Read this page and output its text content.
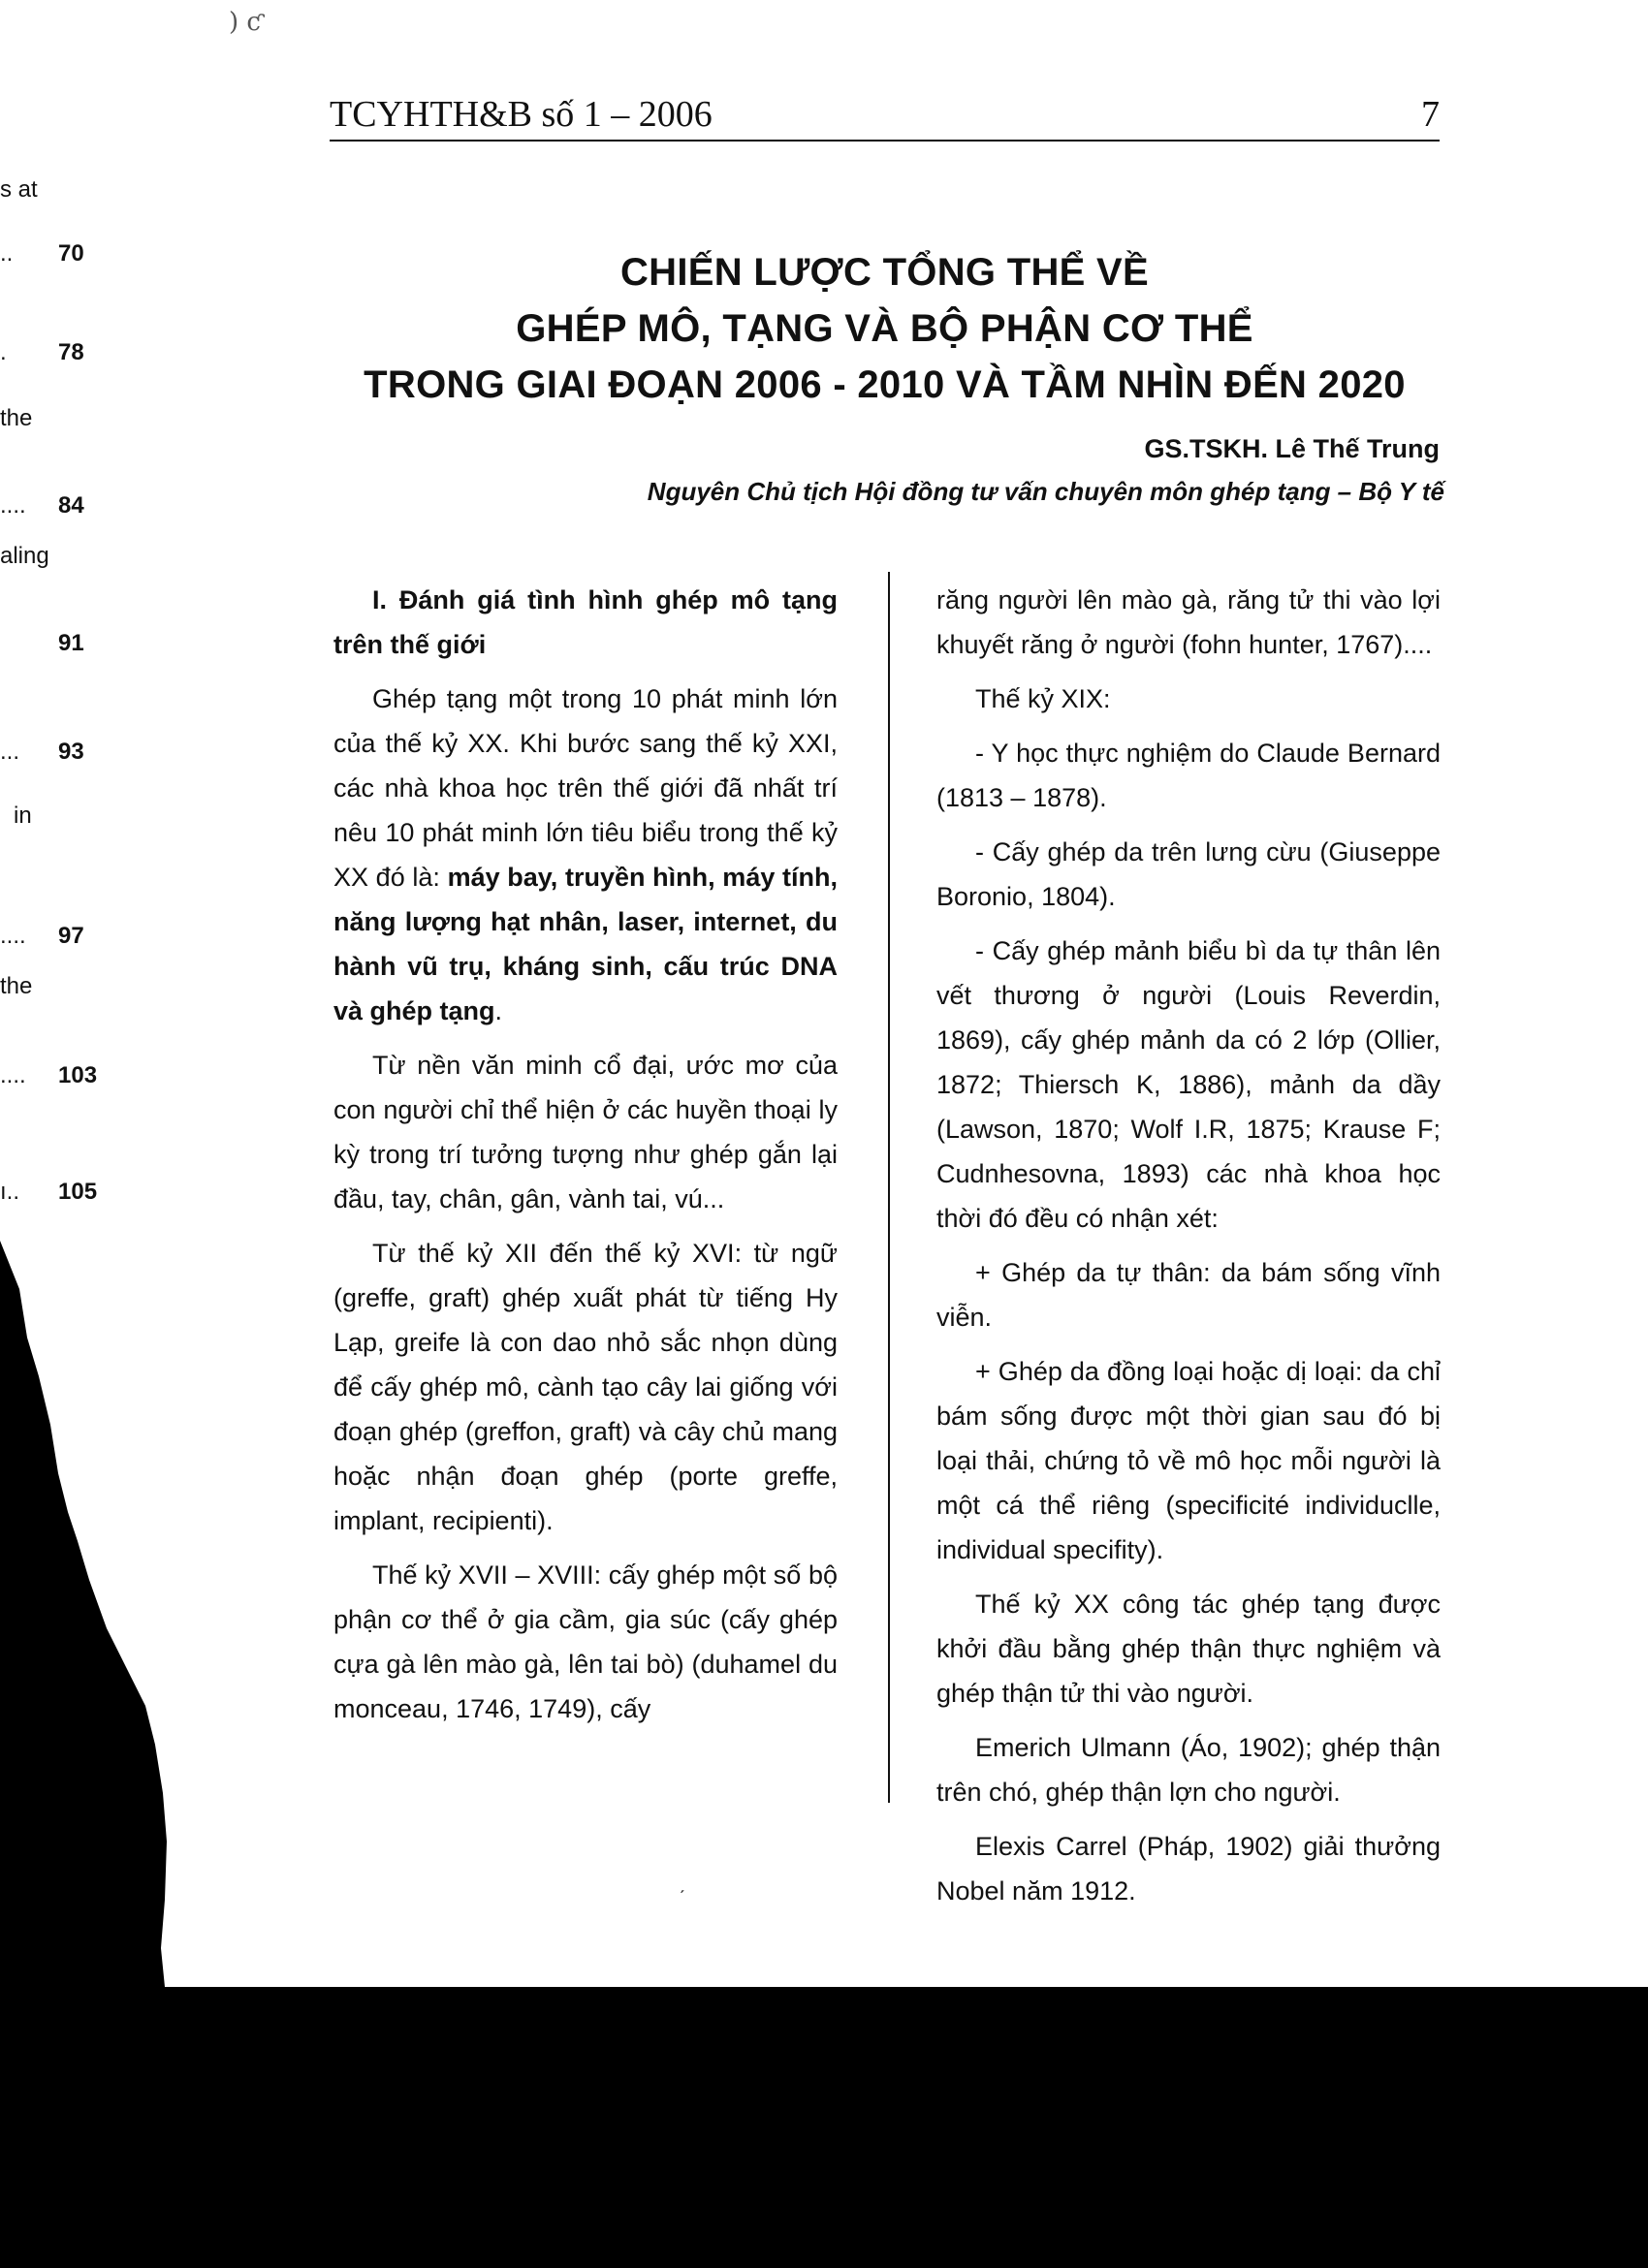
) ƈ
s at
.. 70
. 78
the
.... 84
aling
91
... 93
in
.... 97
the
.... 103
ı.. 105
TCYHTH&B số 1 – 2006	7
CHIẾN LƯỢC TỔNG THỂ VỀ
GHÉP MÔ, TẠNG VÀ BỘ PHẬN CƠ THỂ
TRONG GIAI ĐOẠN 2006 - 2010 VÀ TẦM NHÌN ĐẾN 2020
GS.TSKH. Lê Thế Trung
Nguyên Chủ tịch Hội đồng tư vấn chuyên môn ghép tạng – Bộ Y tế

I. Đánh giá tình hình ghép mô tạng trên thế giới

Ghép tạng một trong 10 phát minh lớn của thế kỷ XX. Khi bước sang thế kỷ XXI, các nhà khoa học trên thế giới đã nhất trí nêu 10 phát minh lớn tiêu biểu trong thế kỷ XX đó là: máy bay, truyền hình, máy tính, năng lượng hạt nhân, laser, internet, du hành vũ trụ, kháng sinh, cấu trúc DNA và ghép tạng.

Từ nền văn minh cổ đại, ước mơ của con người chỉ thể hiện ở các huyền thoại ly kỳ trong trí tưởng tượng như ghép gắn lại đầu, tay, chân, gân, vành tai, vú...

Từ thế kỷ XII đến thế kỷ XVI: từ ngữ (greffe, graft) ghép xuất phát từ tiếng Hy Lạp, greife là con dao nhỏ sắc nhọn dùng để cấy ghép mô, cành tạo cây lai giống với đoạn ghép (greffon, graft) và cây chủ mang hoặc nhận đoạn ghép (porte greffe, implant, recipienti).

Thế kỷ XVII – XVIII: cấy ghép một số bộ phận cơ thể ở gia cầm, gia súc (cấy ghép cựa gà lên mào gà, lên tai bò) (duhamel du monceau, 1746, 1749), cấy

răng người lên mào gà, răng tử thi vào lợi khuyết răng ở người (fohn hunter, 1767)....

Thế kỷ XIX:

- Y học thực nghiệm do Claude Bernard (1813 – 1878).

- Cấy ghép da trên lưng cừu (Giuseppe Boronio, 1804).

- Cấy ghép mảnh biểu bì da tự thân lên vết thương ở người (Louis Reverdin, 1869), cấy ghép mảnh da có 2 lớp (Ollier, 1872; Thiersch K, 1886), mảnh da dầy (Lawson, 1870; Wolf I.R, 1875; Krause F; Cudnhesovna, 1893) các nhà khoa học thời đó đều có nhận xét:

+ Ghép da tự thân: da bám sống vĩnh viễn.

+ Ghép da đồng loại hoặc dị loại: da chỉ bám sống được một thời gian sau đó bị loại thải, chứng tỏ về mô học mỗi người là một cá thể riêng (specificité individuclle, individual specifity).

Thế kỷ XX công tác ghép tạng được khởi đầu bằng ghép thận thực nghiệm và ghép thận tử thi vào người.

Emerich Ulmann (Áo, 1902); ghép thận trên chó, ghép thận lợn cho người.

Elexis Carrel (Pháp, 1902) giải thưởng Nobel năm 1912.

ˏ
